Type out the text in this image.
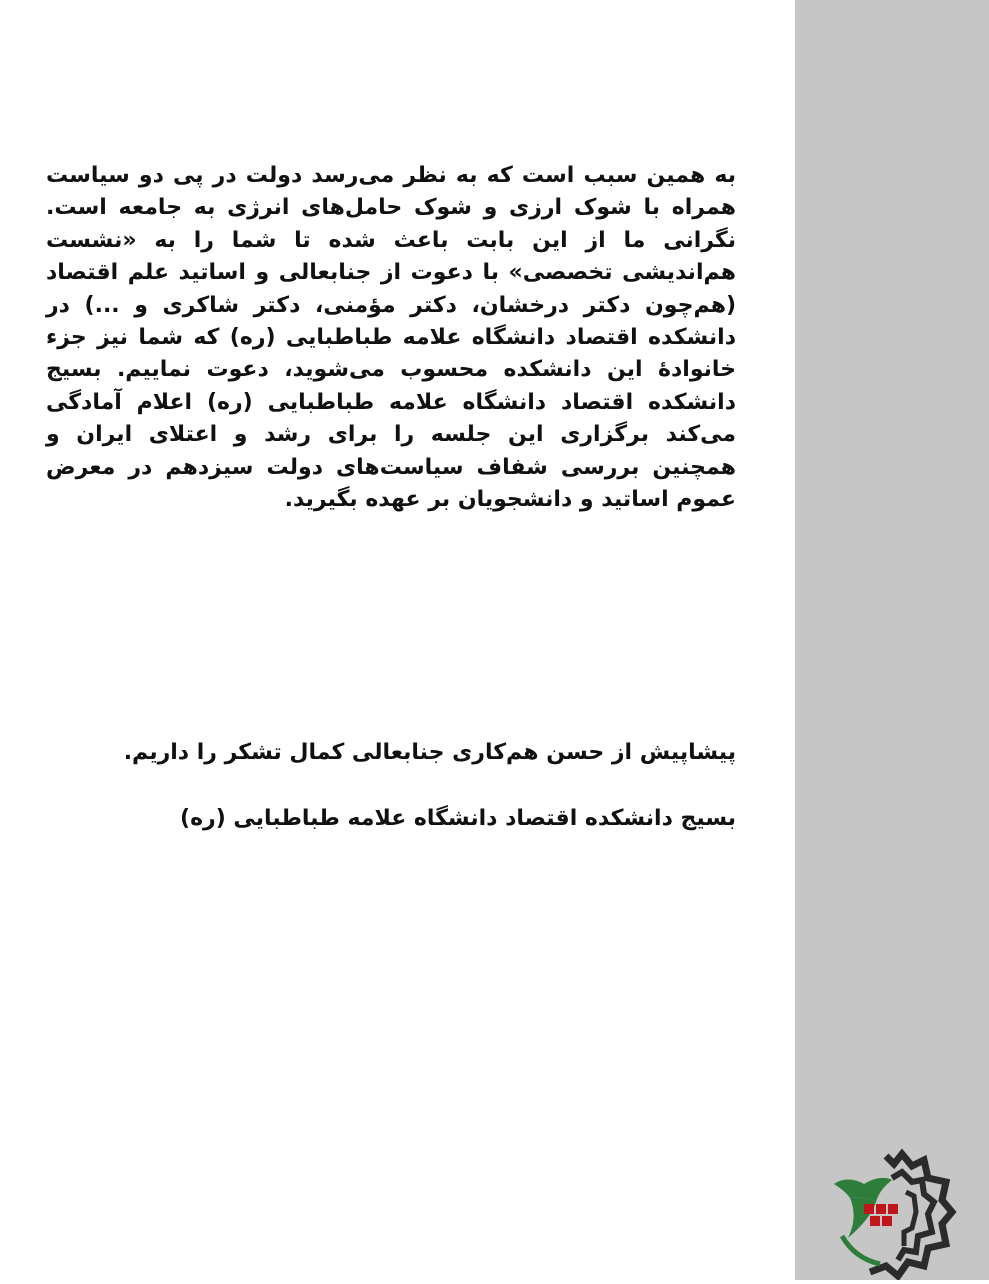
به همین سبب است که به نظر می‌رسد دولت در پی دو سیاست همراه با شوک ارزی و شوک حامل‌های انرژی به جامعه است. نگرانی ما از این بابت باعث شده تا شما را به «نشست هم‌اندیشی تخصصی» با دعوت از جنابعالی و اساتید علم اقتصاد (هم‌چون دکتر درخشان، دکتر مؤمنی، دکتر شاکری و ...) در دانشکده اقتصاد دانشگاه علامه طباطبایی (ره) که شما نیز جزء خانوادهٔ این دانشکده محسوب می‌شوید، دعوت نماییم. بسیج دانشکده اقتصاد دانشگاه علامه طباطبایی (ره) اعلام آمادگی می‌کند برگزاری این جلسه را برای رشد و اعتلای ایران و همچنین بررسی شفاف سیاست‌های دولت سیزدهم در معرض عموم اساتید و دانشجویان بر عهده بگیرید.
پیشاپیش از حسن هم‌کاری جنابعالی کمال تشکر را داریم.
بسیج دانشکده اقتصاد دانشگاه علامه طباطبایی (ره)
